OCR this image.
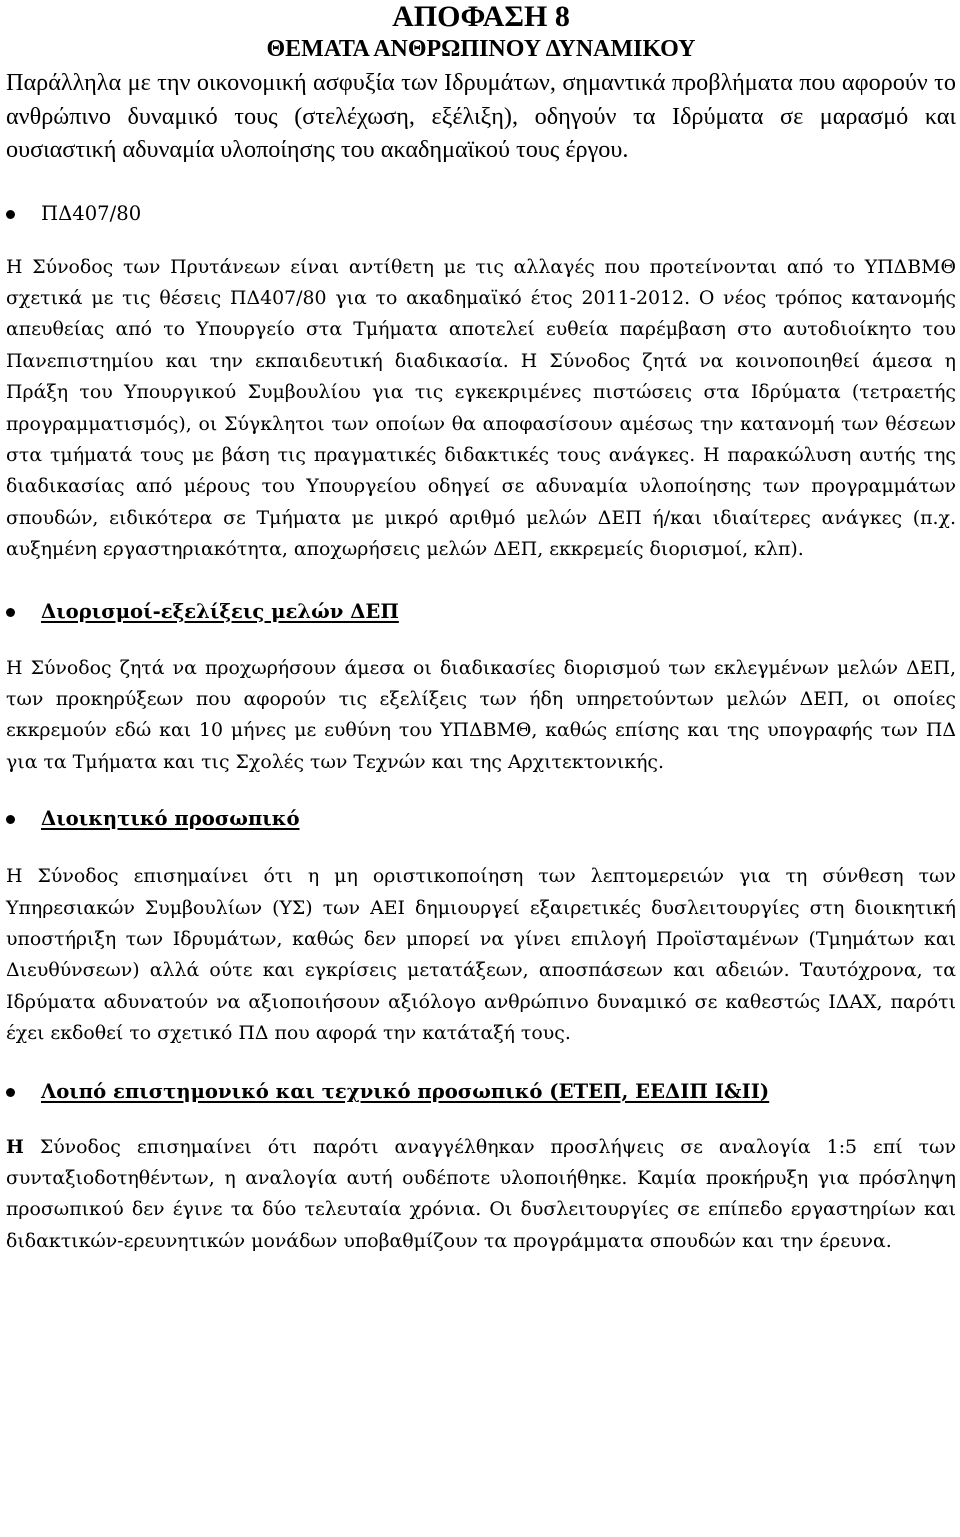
ΑΠΟΦΑΣΗ 8
ΘΕΜΑΤΑ ΑΝΘΡΩΠΙΝΟΥ ΔΥΝΑΜΙΚΟΥ

Παράλληλα με την οικονομική ασφυξία των Ιδρυμάτων, σημαντικά προβλήματα που αφορούν το ανθρώπινο δυναμικό τους (στελέχωση, εξέλιξη), οδηγούν τα Ιδρύματα σε μαρασμό και ουσιαστική αδυναμία υλοποίησης του ακαδημαϊκού τους έργου.

ΠΔ407/80

Η Σύνοδος των Πρυτάνεων είναι αντίθετη με τις αλλαγές που προτείνονται από το ΥΠΔΒΜΘ σχετικά με τις θέσεις ΠΔ407/80 για το ακαδημαϊκό έτος 2011-2012. Ο νέος τρόπος κατανομής απευθείας από το Υπουργείο στα Τμήματα αποτελεί ευθεία παρέμβαση στο αυτοδιοίκητο του Πανεπιστημίου και την εκπαιδευτική διαδικασία. Η Σύνοδος ζητά να κοινοποιηθεί άμεσα η Πράξη του Υπουργικού Συμβουλίου για τις εγκεκριμένες πιστώσεις στα Ιδρύματα (τετραετής προγραμματισμός), οι Σύγκλητοι των οποίων θα αποφασίσουν αμέσως την κατανομή των θέσεων στα τμήματά τους με βάση τις πραγματικές διδακτικές τους ανάγκες. Η παρακώλυση αυτής της διαδικασίας από μέρους του Υπουργείου οδηγεί σε αδυναμία υλοποίησης των προγραμμάτων σπουδών, ειδικότερα σε Τμήματα με μικρό αριθμό μελών ΔΕΠ ή/και ιδιαίτερες ανάγκες (π.χ. αυξημένη εργαστηριακότητα, αποχωρήσεις μελών ΔΕΠ, εκκρεμείς διορισμοί, κλπ).

Διορισμοί-εξελίξεις μελών ΔΕΠ

Η Σύνοδος ζητά να προχωρήσουν άμεσα οι διαδικασίες διορισμού των εκλεγμένων μελών ΔΕΠ, των προκηρύξεων που αφορούν τις εξελίξεις των ήδη υπηρετούντων μελών ΔΕΠ, οι οποίες εκκρεμούν εδώ και 10 μήνες με ευθύνη του ΥΠΔΒΜΘ, καθώς επίσης και της υπογραφής των ΠΔ για τα Τμήματα και τις Σχολές των Τεχνών και της Αρχιτεκτονικής.

Διοικητικό προσωπικό

Η Σύνοδος επισημαίνει ότι η μη οριστικοποίηση των λεπτομερειών για τη σύνθεση των Υπηρεσιακών Συμβουλίων (ΥΣ) των ΑΕΙ δημιουργεί εξαιρετικές δυσλειτουργίες στη διοικητική υποστήριξη των Ιδρυμάτων, καθώς δεν μπορεί να γίνει επιλογή Προϊσταμένων (Τμημάτων και Διευθύνσεων) αλλά ούτε και εγκρίσεις μετατάξεων, αποσπάσεων και αδειών. Ταυτόχρονα, τα Ιδρύματα αδυνατούν να αξιοποιήσουν αξιόλογο ανθρώπινο δυναμικό σε καθεστώς ΙΔΑΧ, παρότι έχει εκδοθεί το σχετικό ΠΔ που αφορά την κατάταξή τους.

Λοιπό επιστημονικό και τεχνικό προσωπικό (ΕΤΕΠ, ΕΕΔΙΠ Ι&ΙΙ)

Η Σύνοδος επισημαίνει ότι παρότι αναγγέλθηκαν προσλήψεις σε αναλογία 1:5 επί των συνταξιοδοτηθέντων, η αναλογία αυτή ουδέποτε υλοποιήθηκε. Καμία προκήρυξη για πρόσληψη προσωπικού δεν έγινε τα δύο τελευταία χρόνια. Οι δυσλειτουργίες σε επίπεδο εργαστηρίων και διδακτικών-ερευνητικών μονάδων υποβαθμίζουν τα προγράμματα σπουδών και την έρευνα.
